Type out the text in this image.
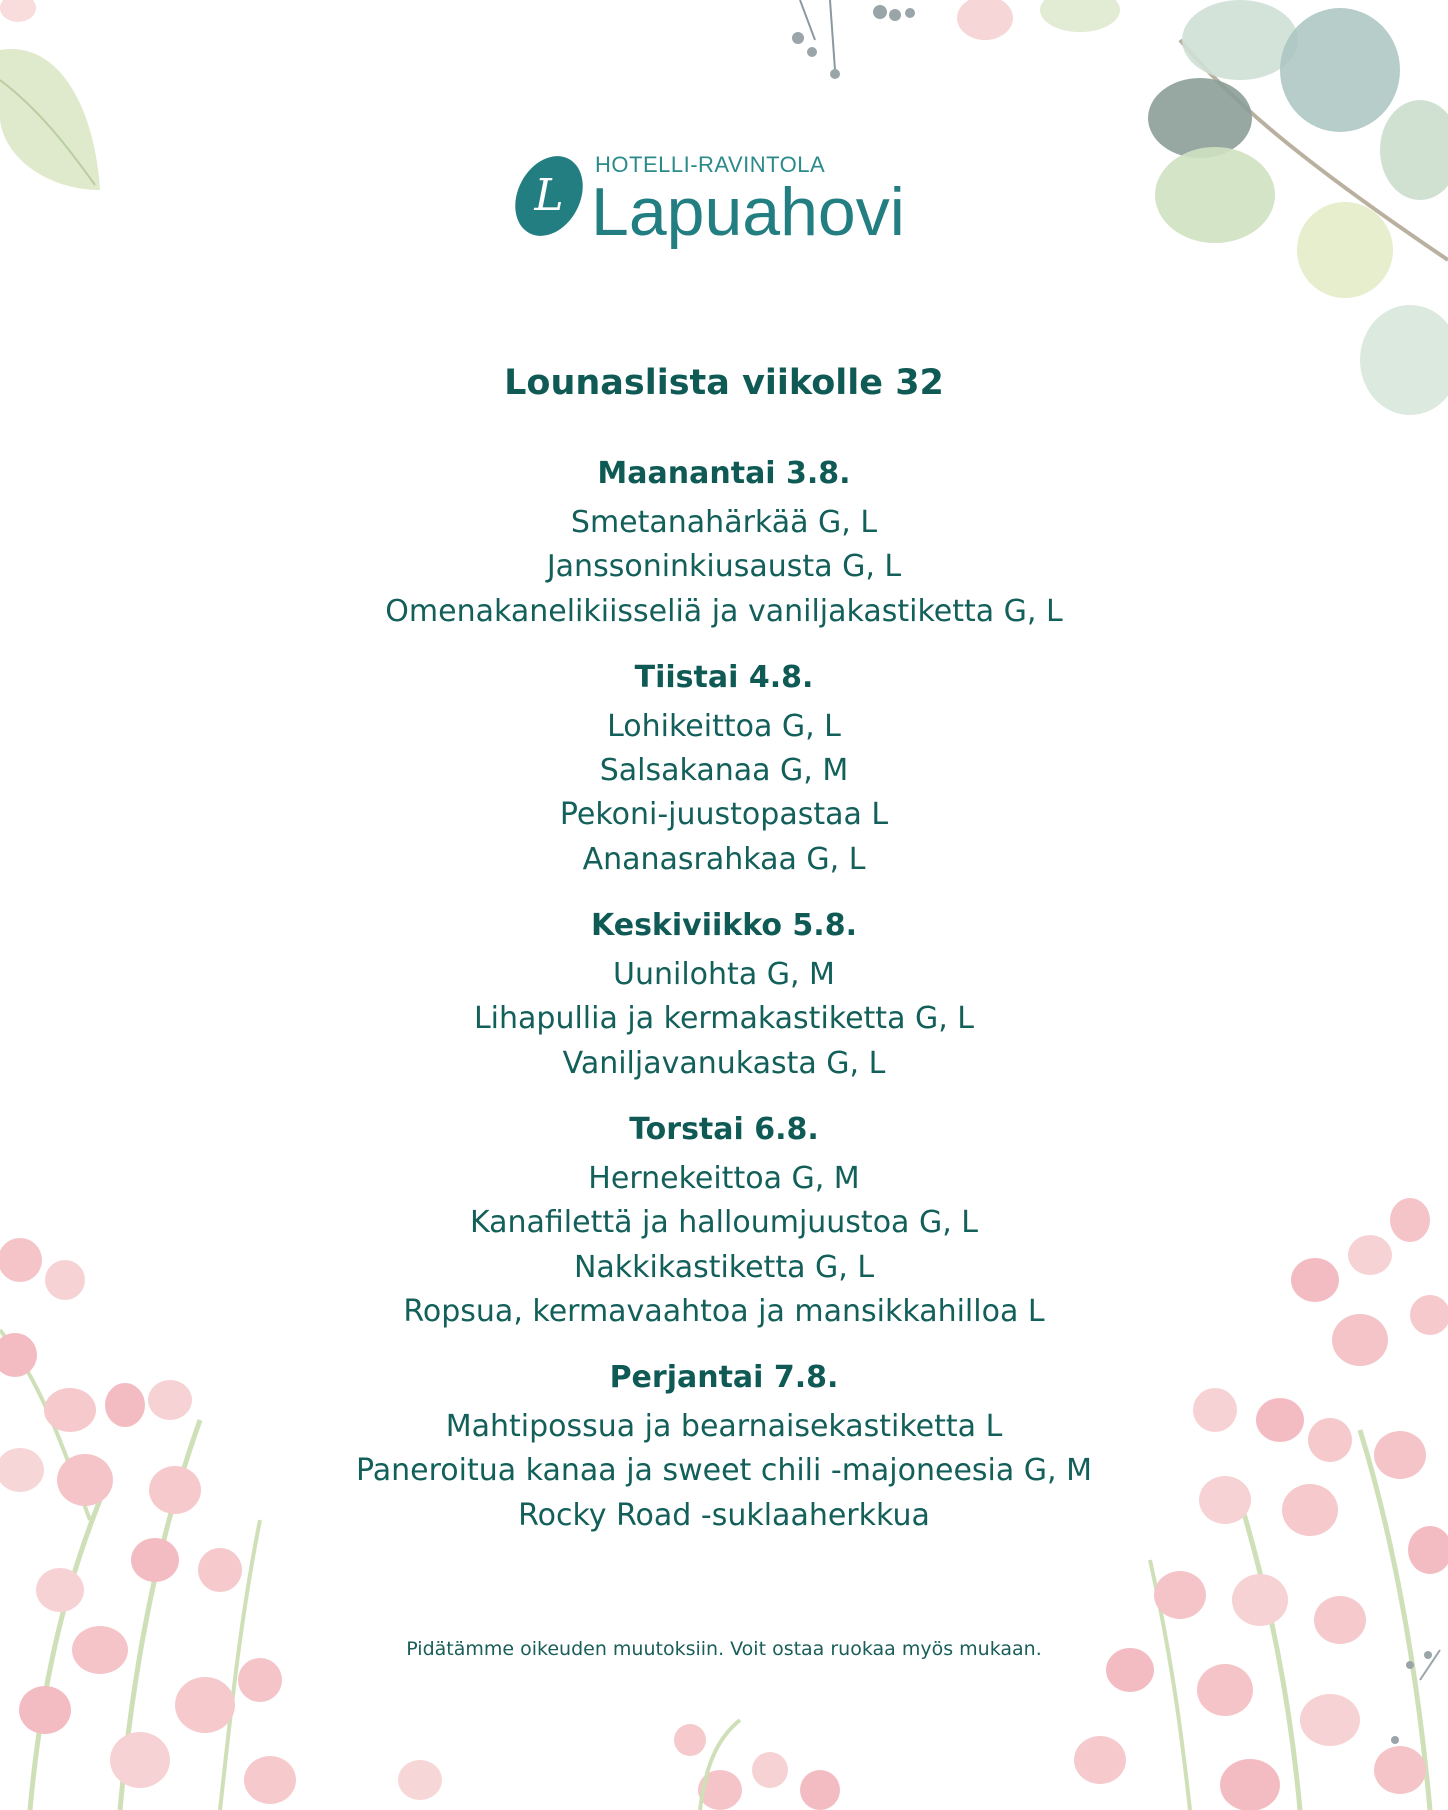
L
HOTELLI-RAVINTOLA
Lapuahovi
Lounaslista viikolle 32
Maanantai 3.8.
Smetanahärkää G, L
Janssoninkiusausta G, L
Omenakanelikiisseliä ja vaniljakastiketta G, L
Tiistai 4.8.
Lohikeittoa G, L
Salsakanaa G, M
Pekoni-juustopastaa L
Ananasrahkaa G, L
Keskiviikko 5.8.
Uunilohta G, M
Lihapullia ja kermakastiketta G, L
Vaniljavanukasta G, L
Torstai 6.8.
Hernekeittoa G, M
Kanafilettä ja halloumjuustoa G, L
Nakkikastiketta G, L
Ropsua, kermavaahtoa ja mansikkahilloa L
Perjantai 7.8.
Mahtipossua ja bearnaisekastiketta L
Paneroitua kanaa ja sweet chili -majoneesia G, M
Rocky Road -suklaaherkkua
Pidätämme oikeuden muutoksiin. Voit ostaa ruokaa myös mukaan.
